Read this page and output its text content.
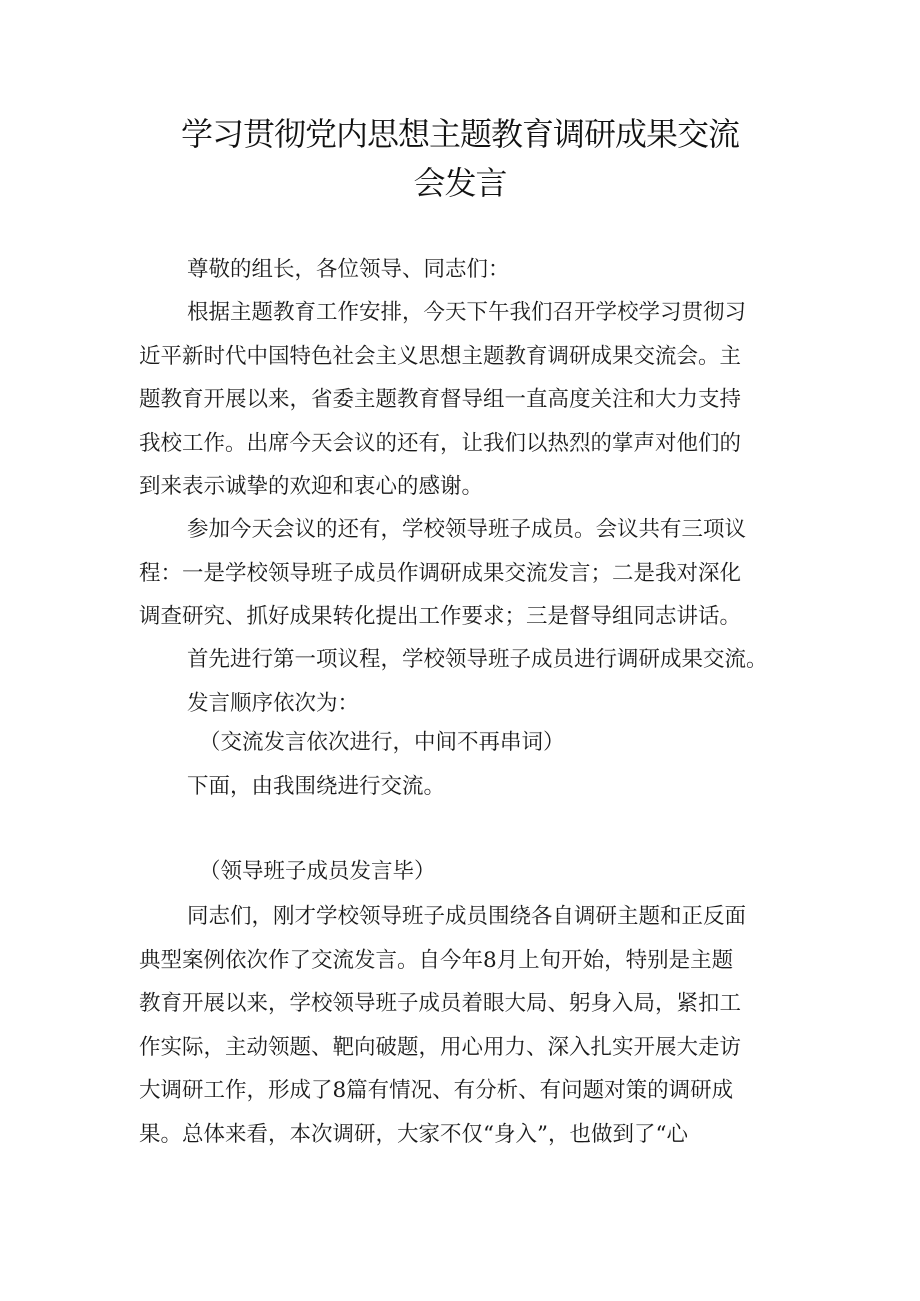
学习贯彻党内思想主题教育调研成果交流
会发言
尊敬的组长，各位领导、同志们：
根据主题教育工作安排，今天下午我们召开学校学习贯彻习
近平新时代中国特色社会主义思想主题教育调研成果交流会。主
题教育开展以来，省委主题教育督导组一直高度关注和大力支持
我校工作。出席今天会议的还有，让我们以热烈的掌声对他们的
到来表示诚挚的欢迎和衷心的感谢。
参加今天会议的还有，学校领导班子成员。会议共有三项议
程：一是学校领导班子成员作调研成果交流发言；二是我对深化
调查研究、抓好成果转化提出工作要求；三是督导组同志讲话。
首先进行第一项议程，学校领导班子成员进行调研成果交流。
发言顺序依次为：
（交流发言依次进行，中间不再串词）
下面，由我围绕进行交流。
（领导班子成员发言毕）
同志们，刚才学校领导班子成员围绕各自调研主题和正反面
典型案例依次作了交流发言。自今年8月上旬开始，特别是主题
教育开展以来，学校领导班子成员着眼大局、躬身入局，紧扣工
作实际，主动领题、靶向破题，用心用力、深入扎实开展大走访
大调研工作，形成了8篇有情况、有分析、有问题对策的调研成
果。总体来看，本次调研，大家不仅“身入”，也做到了“心
